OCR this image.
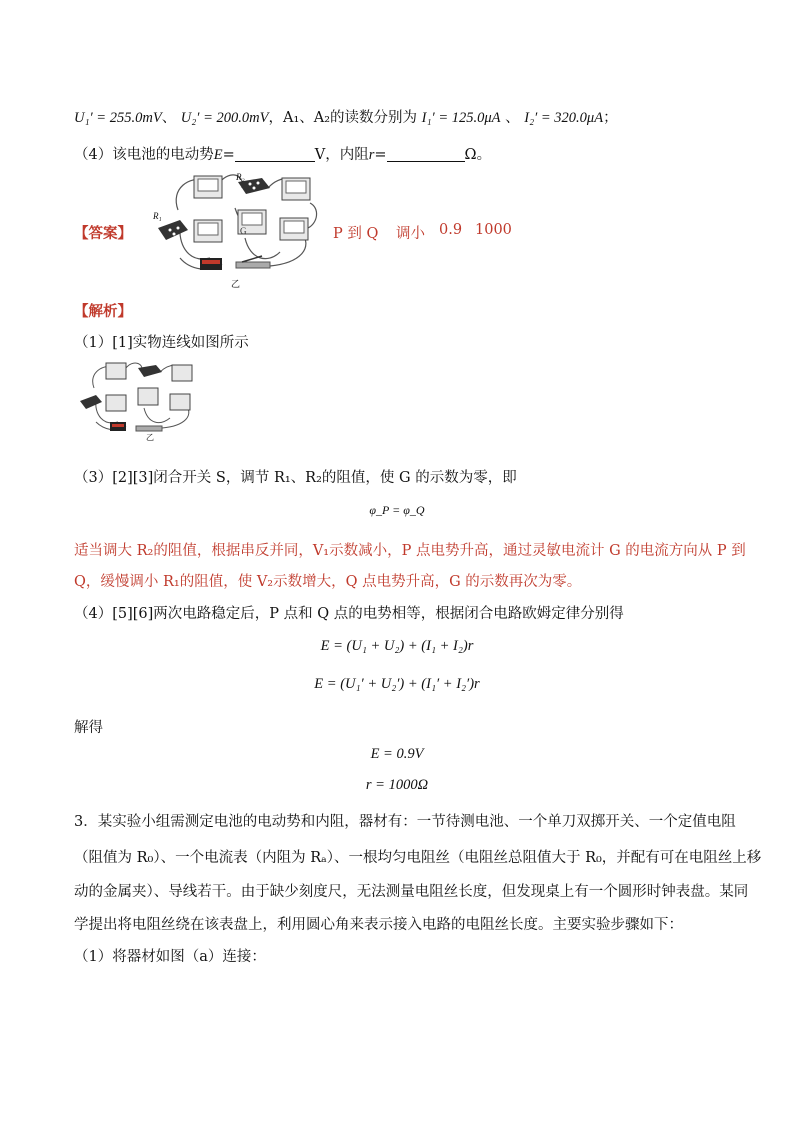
U₁′ = 255.0mV、 U₂′ = 200.0mV，A₁、A₂的读数分别为 I₁′ = 125.0μA 、 I₂′ = 320.0μA；
（4）该电池的电动势E=	V，内阻r=	Ω。
【答案】	G
R₂
R₁
乙
P 到 Q 调小 0.9 1000
【解析】
（1）[1]实物连线如图所示
乙
（3）[2][3]闭合开关 S，调节 R₁、R₂的阻值，使 G 的示数为零，即
φ_P = φ_Q
适当调大 R₂的阻值，根据串反并同，V₁示数减小，P 点电势升高，通过灵敏电流计 G 的电流方向从 P 到
Q，缓慢调小 R₁的阻值，使 V₂示数增大，Q 点电势升高，G 的示数再次为零。
（4）[5][6]两次电路稳定后，P 点和 Q 点的电势相等，根据闭合电路欧姆定律分别得
E = (U₁ + U₂) + (I₁ + I₂)r
E = (U₁′ + U₂′) + (I₁′ + I₂′)r
解得
E = 0.9V
r = 1000Ω
3．某实验小组需测定电池的电动势和内阻，器材有：一节待测电池、一个单刀双掷开关、一个定值电阻
（阻值为 R₀）、一个电流表（内阻为 Rₐ）、一根均匀电阻丝（电阻丝总阻值大于 R₀，并配有可在电阻丝上移
动的金属夹）、导线若干。由于缺少刻度尺，无法测量电阻丝长度，但发现桌上有一个圆形时钟表盘。某同
学提出将电阻丝绕在该表盘上，利用圆心角来表示接入电路的电阻丝长度。主要实验步骤如下：
（1）将器材如图（a）连接：
